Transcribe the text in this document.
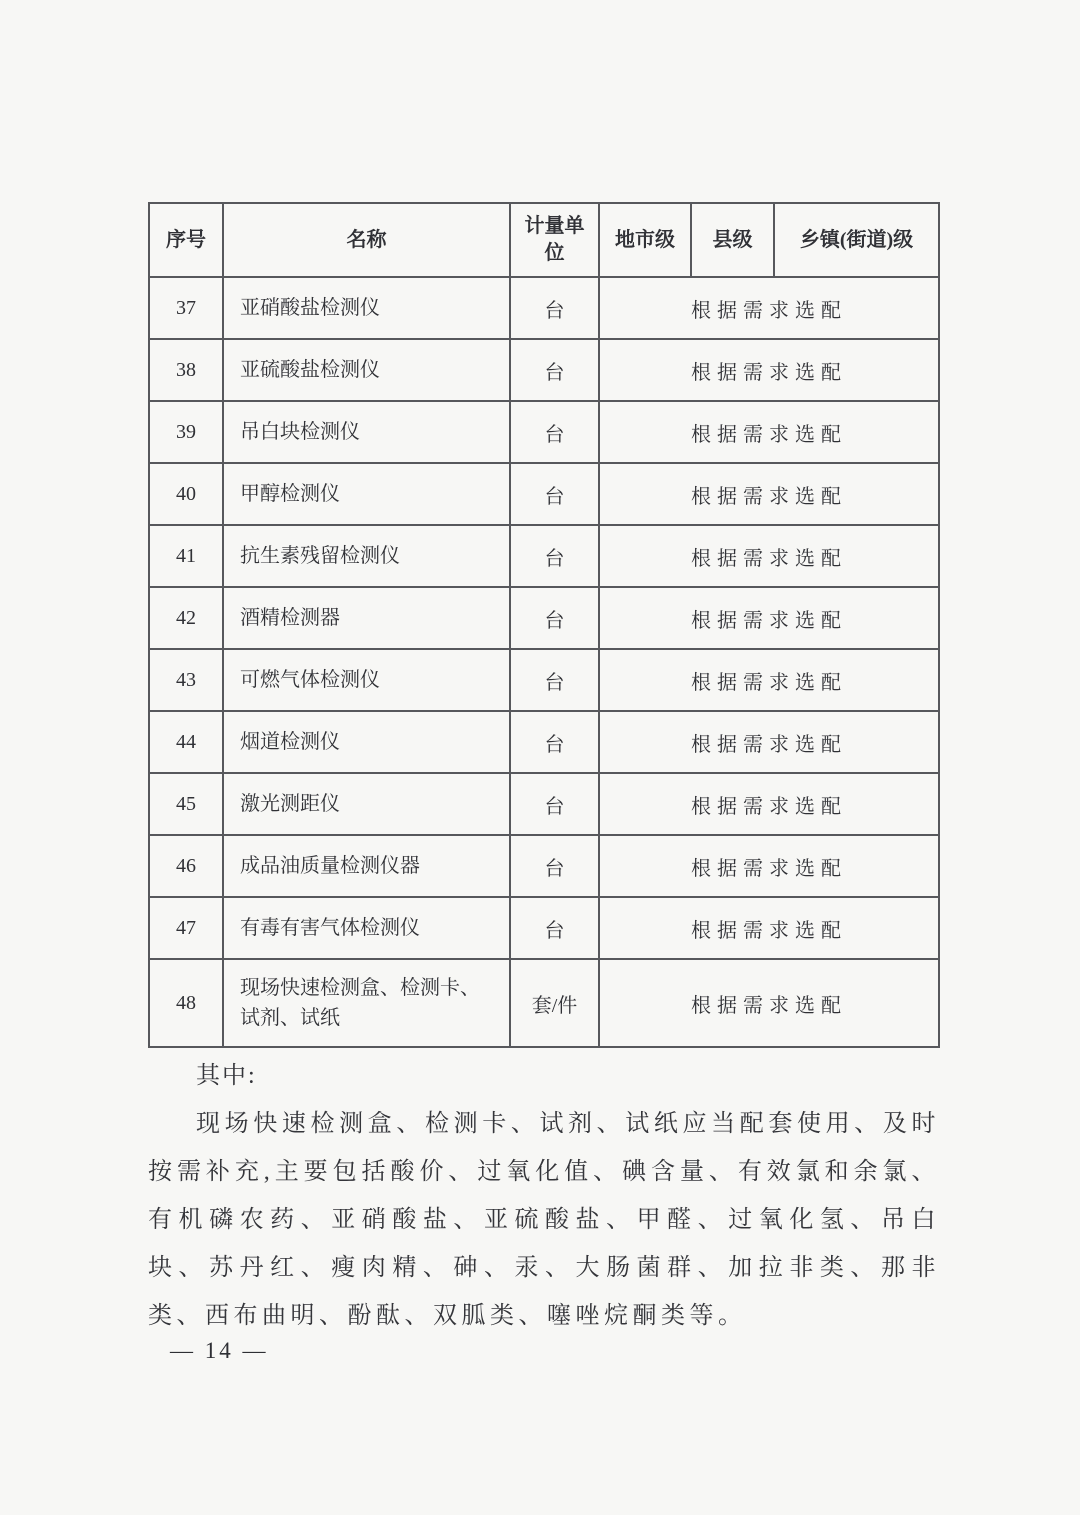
序号	名称	计量单位	地市级	县级	乡镇(街道)级
37	亚硝酸盐检测仪	台	根据需求选配		
38	亚硫酸盐检测仪	台	根据需求选配		
39	吊白块检测仪	台	根据需求选配		
40	甲醇检测仪	台	根据需求选配		
41	抗生素残留检测仪	台	根据需求选配		
42	酒精检测器	台	根据需求选配		
43	可燃气体检测仪	台	根据需求选配		
44	烟道检测仪	台	根据需求选配		
45	激光测距仪	台	根据需求选配		
46	成品油质量检测仪器	台	根据需求选配		
47	有毒有害气体检测仪	台	根据需求选配		
48	现场快速检测盒、检测卡、试剂、试纸	套/件	根据需求选配		
其中:
现场快速检测盒、检测卡、试剂、试纸应当配套使用、及时按需补充,主要包括酸价、过氧化值、碘含量、有效氯和余氯、有机磷农药、亚硝酸盐、亚硫酸盐、甲醛、过氧化氢、吊白块、苏丹红、瘦肉精、砷、汞、大肠菌群、加拉非类、那非类、西布曲明、酚酞、双胍类、噻唑烷酮类等。
— 14 —
